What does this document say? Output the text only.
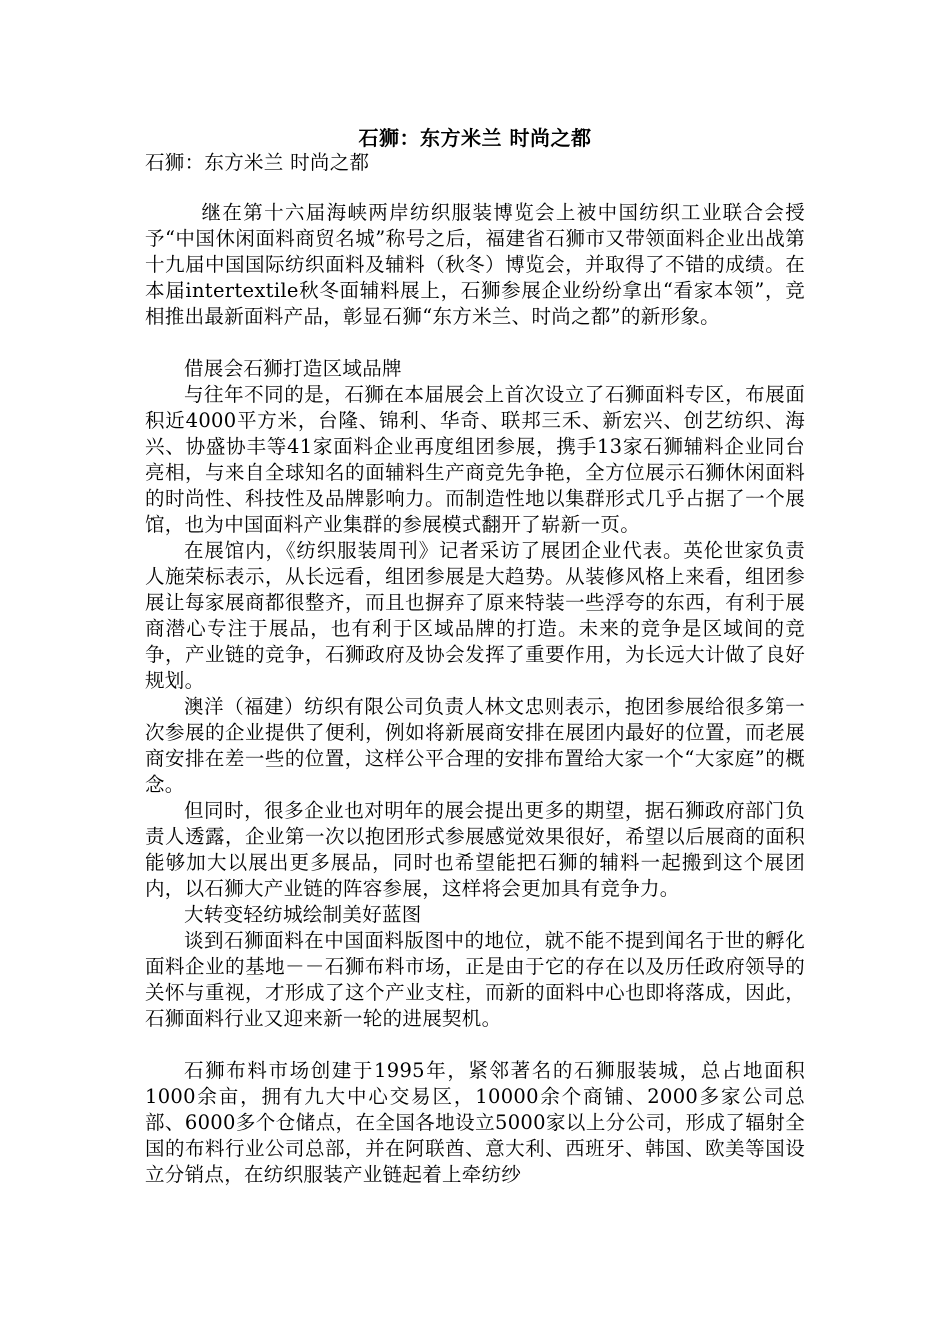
石狮：东方米兰 时尚之都
石狮：东方米兰 时尚之都

继在第十六届海峡两岸纺织服装博览会上被中国纺织工业联合会授予“中国休闲面料商贸名城”称号之后，福建省石狮市又带领面料企业出战第十九届中国国际纺织面料及辅料（秋冬）博览会，并取得了不错的成绩。在本届intertextile秋冬面辅料展上，石狮参展企业纷纷拿出“看家本领”，竞相推出最新面料产品，彰显石狮“东方米兰、时尚之都”的新形象。

借展会石狮打造区域品牌

与往年不同的是，石狮在本届展会上首次设立了石狮面料专区，布展面积近4000平方米，台隆、锦利、华奇、联邦三禾、新宏兴、创艺纺织、海兴、协盛协丰等41家面料企业再度组团参展，携手13家石狮辅料企业同台亮相，与来自全球知名的面辅料生产商竞先争艳，全方位展示石狮休闲面料的时尚性、科技性及品牌影响力。而制造性地以集群形式几乎占据了一个展馆，也为中国面料产业集群的参展模式翻开了崭新一页。

在展馆内，《纺织服装周刊》记者采访了展团企业代表。英伦世家负责人施荣标表示，从长远看，组团参展是大趋势。从装修风格上来看，组团参展让每家展商都很整齐，而且也摒弃了原来特装一些浮夸的东西，有利于展商潜心专注于展品，也有利于区域品牌的打造。未来的竞争是区域间的竞争，产业链的竞争，石狮政府及协会发挥了重要作用，为长远大计做了良好规划。

澳洋（福建）纺织有限公司负责人林文忠则表示，抱团参展给很多第一次参展的企业提供了便利，例如将新展商安排在展团内最好的位置，而老展商安排在差一些的位置，这样公平合理的安排布置给大家一个“大家庭”的概念。

但同时，很多企业也对明年的展会提出更多的期望，据石狮政府部门负责人透露，企业第一次以抱团形式参展感觉效果很好，希望以后展商的面积能够加大以展出更多展品，同时也希望能把石狮的辅料一起搬到这个展团内，以石狮大产业链的阵容参展，这样将会更加具有竞争力。

大转变轻纺城绘制美好蓝图

谈到石狮面料在中国面料版图中的地位，就不能不提到闻名于世的孵化面料企业的基地－－石狮布料市场，正是由于它的存在以及历任政府领导的关怀与重视，才形成了这个产业支柱，而新的面料中心也即将落成，因此，石狮面料行业又迎来新一轮的进展契机。

石狮布料市场创建于1995年，紧邻著名的石狮服装城，总占地面积1000余亩，拥有九大中心交易区，10000余个商铺、2000多家公司总部、6000多个仓储点，在全国各地设立5000家以上分公司，形成了辐射全国的布料行业公司总部，并在阿联酋、意大利、西班牙、韩国、欧美等国设立分销点，在纺织服装产业链起着上牵纺纱
